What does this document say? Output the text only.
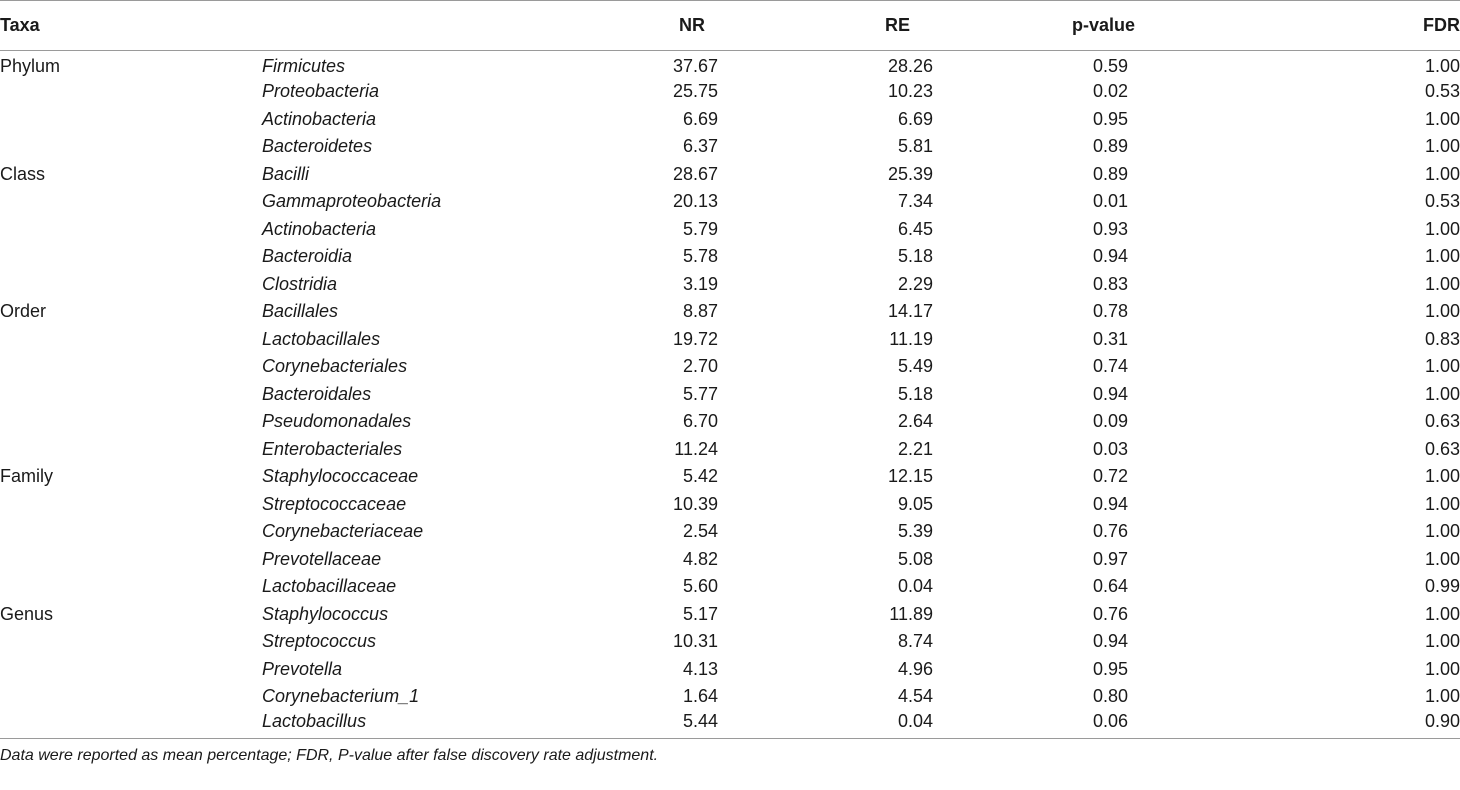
Taxa		NR	RE	p-value	FDR
Phylum	Firmicutes	37.67	28.26	0.59	1.00
	Proteobacteria	25.75	10.23	0.02	0.53
	Actinobacteria	6.69	6.69	0.95	1.00
	Bacteroidetes	6.37	5.81	0.89	1.00
Class	Bacilli	28.67	25.39	0.89	1.00
	Gammaproteobacteria	20.13	7.34	0.01	0.53
	Actinobacteria	5.79	6.45	0.93	1.00
	Bacteroidia	5.78	5.18	0.94	1.00
	Clostridia	3.19	2.29	0.83	1.00
Order	Bacillales	8.87	14.17	0.78	1.00
	Lactobacillales	19.72	11.19	0.31	0.83
	Corynebacteriales	2.70	5.49	0.74	1.00
	Bacteroidales	5.77	5.18	0.94	1.00
	Pseudomonadales	6.70	2.64	0.09	0.63
	Enterobacteriales	11.24	2.21	0.03	0.63
Family	Staphylococcaceae	5.42	12.15	0.72	1.00
	Streptococcaceae	10.39	9.05	0.94	1.00
	Corynebacteriaceae	2.54	5.39	0.76	1.00
	Prevotellaceae	4.82	5.08	0.97	1.00
	Lactobacillaceae	5.60	0.04	0.64	0.99
Genus	Staphylococcus	5.17	11.89	0.76	1.00
	Streptococcus	10.31	8.74	0.94	1.00
	Prevotella	4.13	4.96	0.95	1.00
	Corynebacterium_1	1.64	4.54	0.80	1.00
	Lactobacillus	5.44	0.04	0.06	0.90
Data were reported as mean percentage; FDR, P-value after false discovery rate adjustment.
